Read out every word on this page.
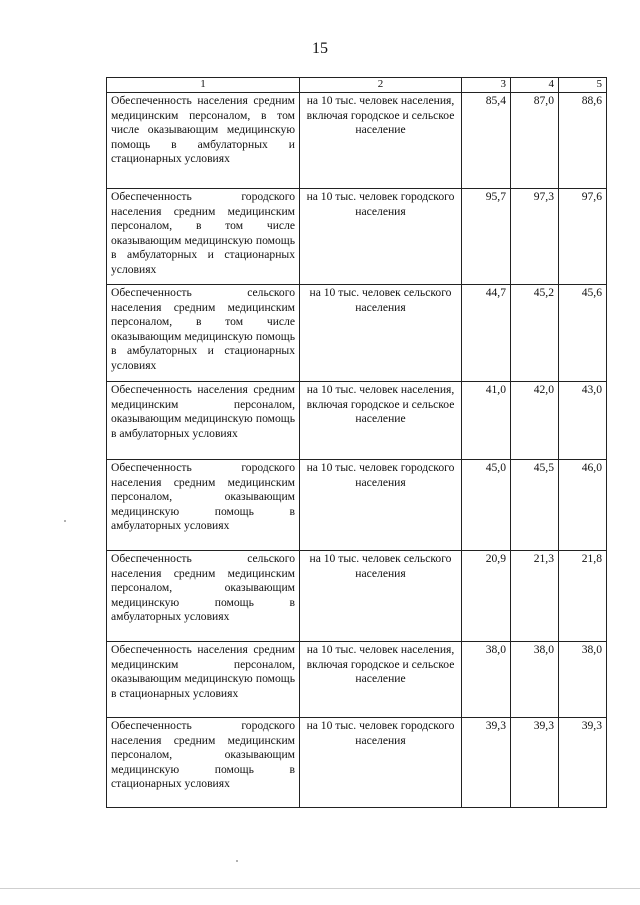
15
1	2	3	4	5
Обеспеченность населения средним медицинским персоналом, в том числе оказывающим медицинскую помощь в амбулаторных и стационарных условиях	на 10 тыс. человек населения, включая городское и сельское население	85,4	87,0	88,6
Обеспеченность городского населения средним медицинским персоналом, в том числе оказывающим медицинскую помощь в амбулаторных и стационарных условиях	на 10 тыс. человек городского населения	95,7	97,3	97,6
Обеспеченность сельского населения средним медицинским персоналом, в том числе оказывающим медицинскую помощь в амбулаторных и стационарных условиях	на 10 тыс. человек сельского населения	44,7	45,2	45,6
Обеспеченность населения средним медицинским персоналом, оказывающим медицинскую помощь в амбулаторных условиях	на 10 тыс. человек населения, включая городское и сельское население	41,0	42,0	43,0
Обеспеченность городского населения средним медицинским персоналом, оказывающим медицинскую помощь в амбулаторных условиях	на 10 тыс. человек городского населения	45,0	45,5	46,0
Обеспеченность сельского населения средним медицинским персоналом, оказывающим медицинскую помощь в амбулаторных условиях	на 10 тыс. человек сельского населения	20,9	21,3	21,8
Обеспеченность населения средним медицинским персоналом, оказывающим медицинскую помощь в стационарных условиях	на 10 тыс. человек населения, включая городское и сельское население	38,0	38,0	38,0
Обеспеченность городского населения средним медицинским персоналом, оказывающим медицинскую помощь в стационарных условиях	на 10 тыс. человек городского населения	39,3	39,3	39,3
